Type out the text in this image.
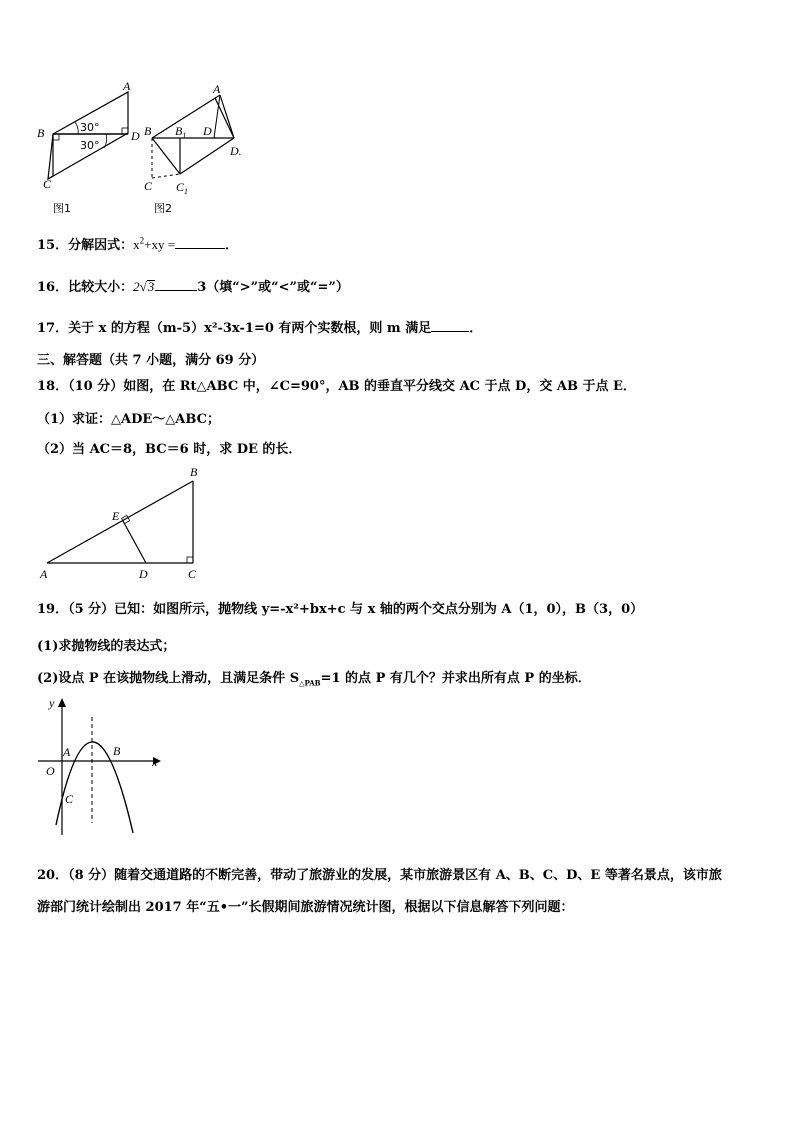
A
B	D
C
30°
30°
图1
A
B $B_1$ D
D.
C $C_1$
图2
15．分解因式：$x^2+xy$ =	．
16．比较大小：2√3	3（填“>”或“<”或“=”）
17．关于 x 的方程（m-5）x²-3x-1=0 有两个实数根，则 m 满足	．
三、解答题（共 7 小题，满分 69 分）
18．（10 分）如图，在 Rt△ABC 中，∠C=90°，AB 的垂直平分线交 AC 于点 D，交 AB 于点 E．
（1）求证：△ADE～△ABC；
（2）当 AC＝8，BC＝6 时，求 DE 的长．
A
B
C
D
E
19．（5 分）已知：如图所示，抛物线 y=-x²+bx+c 与 x 轴的两个交点分别为 A（1，0），B（3，0）
(1)求抛物线的表达式；
(2)设点 P 在该抛物线上滑动，且满足条件 $S_{\triangle PAB}=1$ 的点 P 有几个？并求出所有点 P 的坐标．
y
x
O
A	B
C
20．（8 分）随着交通道路的不断完善，带动了旅游业的发展，某市旅游景区有 A、B、C、D、E 等著名景点，该市旅
游部门统计绘制出 2017 年“五•一”长假期间旅游情况统计图，根据以下信息解答下列问题：
